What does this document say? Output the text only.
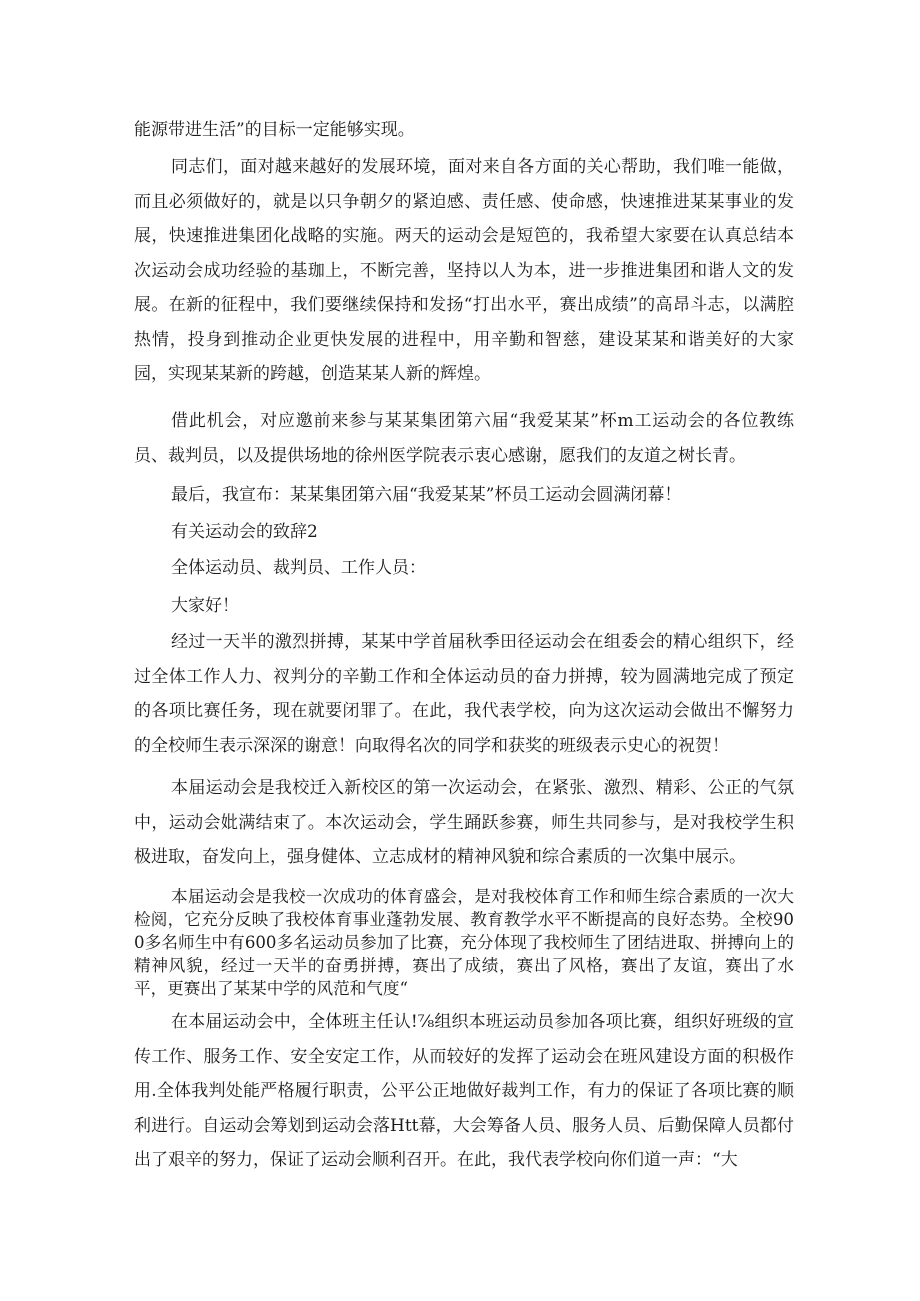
能源带进生活”的目标一定能够实现。

同志们，面对越来越好的发展环境，面对来自各方面的关心帮助，我们唯一能做，而且必须做好的，就是以只争朝夕的紧迫感、责任感、使命感，快速推进某某事业的发展，快速推进集团化战略的实施。两天的运动会是短笆的，我希望大家要在认真总结本次运动会成功经验的基珈上，不断完善，坚持以人为本，进一步推进集团和谐人文的发展。在新的征程中，我们要继续保持和发扬“打出水平，赛出成绩”的高昂斗志，以满腔热情，投身到推动企业更快发展的进程中，用辛勤和智慈，建设某某和谐美好的大家园，实现某某新的跨越，创造某某人新的辉煌。

借此机会，对应邀前来参与某某集团第六届“我爱某某”杯m工运动会的各位教练员、裁判员，以及提供场地的徐州医学院表示衷心感谢，愿我们的友道之树长青。

最后，我宣布：某某集团第六届“我爱某某”杯员工运动会圆满闭幕！

有关运动会的致辞2

全体运动员、裁判员、工作人员：

大家好！

经过一天半的激烈拼搏，某某中学首届秋季田径运动会在组委会的精心组织下，经过全体工作人力、衩判分的辛勤工作和全体运动员的奋力拼搏，较为圆满地完成了预定的各项比赛任务，现在就要闭罪了。在此，我代表学校，向为这次运动会做出不懈努力的全校师生表示深深的谢意！向取得名次的同学和获奖的班级表示史心的祝贺！

本届运动会是我校迁入新校区的第一次运动会，在紧张、激烈、精彩、公正的气氛中，运动会妣满结束了。本次运动会，学生踊跃参赛，师生共同参与，是对我校学生积极进取，奋发向上，强身健体、立志成材的精神风貌和综合素质的一次集中展示。

本届运动会是我校一次成功的体育盛会，是对我校体育工作和师生综合素质的一次大检阅，它充分反映了我校体育事业蓬勃发展、教育教学水平不断提高的良好态势。全校900多名师生中有600多名运动员参加了比赛，充分体现了我校师生了团结进取、拼搏向上的精神风貌，经过一天半的奋勇拼搏，赛出了成绩，赛出了风格，赛出了友谊，赛出了水平，更赛出了某某中学的风范和气度“

在本届运动会中，全体班主任认!⅞组织本班运动员参加各项比赛，组织好班级的宣传工作、服务工作、安全安定工作，从而较好的发挥了运动会在班风建设方面的积极作用.全体我判处能严格履行职责，公平公正地做好裁判工作，有力的保证了各项比赛的顺利进行。自运动会筹划到运动会落Htt幕，大会筹备人员、服务人员、后勤保障人员都付出了艰辛的努力，保证了运动会顺利召开。在此，我代表学校向你们道一声：“大
